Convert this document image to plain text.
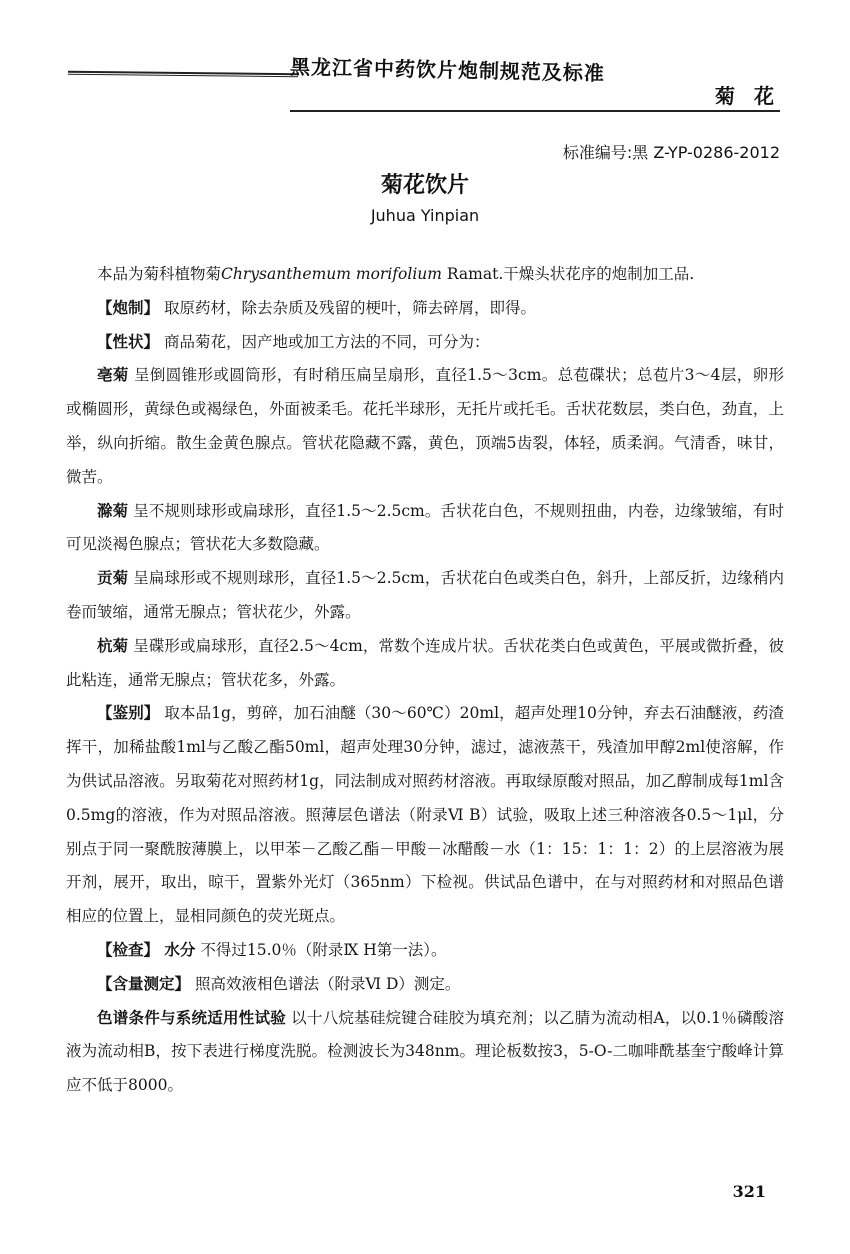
黑龙江省中药饮片炮制规范及标准
菊 花
标准编号:黑 Z-YP-0286-2012
菊花饮片
Juhua Yinpian

本品为菊科植物菊Chrysanthemum morifolium Ramat.干燥头状花序的炮制加工品.

【炮制】 取原药材，除去杂质及残留的梗叶，筛去碎屑，即得。

【性状】 商品菊花，因产地或加工方法的不同，可分为：

亳菊 呈倒圆锥形或圆筒形，有时稍压扁呈扇形，直径1.5～3cm。总苞碟状；总苞片3～4层，卵形或椭圆形，黄绿色或褐绿色，外面被柔毛。花托半球形，无托片或托毛。舌状花数层，类白色，劲直，上举，纵向折缩。散生金黄色腺点。管状花隐藏不露，黄色，顶端5齿裂，体轻，质柔润。气清香，味甘，微苦。

滁菊 呈不规则球形或扁球形，直径1.5～2.5cm。舌状花白色，不规则扭曲，内卷，边缘皱缩，有时可见淡褐色腺点；管状花大多数隐藏。

贡菊 呈扁球形或不规则球形，直径1.5～2.5cm，舌状花白色或类白色，斜升，上部反折，边缘稍内卷而皱缩，通常无腺点；管状花少，外露。

杭菊 呈碟形或扁球形，直径2.5～4cm，常数个连成片状。舌状花类白色或黄色，平展或微折叠，彼此粘连，通常无腺点；管状花多，外露。

【鉴别】 取本品1g，剪碎，加石油醚（30～60℃）20ml，超声处理10分钟，弃去石油醚液，药渣挥干，加稀盐酸1ml与乙酸乙酯50ml，超声处理30分钟，滤过，滤液蒸干，残渣加甲醇2ml使溶解，作为供试品溶液。另取菊花对照药材1g，同法制成对照药材溶液。再取绿原酸对照品，加乙醇制成每1ml含0.5mg的溶液，作为对照品溶液。照薄层色谱法（附录Ⅵ B）试验，吸取上述三种溶液各0.5～1μl，分别点于同一聚酰胺薄膜上，以甲苯－乙酸乙酯－甲酸－冰醋酸－水（1：15：1：1：2）的上层溶液为展开剂，展开，取出，晾干，置紫外光灯（365nm）下检视。供试品色谱中，在与对照药材和对照品色谱相应的位置上，显相同颜色的荧光斑点。

【检查】 水分 不得过15.0％（附录Ⅸ H第一法）。

【含量测定】 照高效液相色谱法（附录Ⅵ D）测定。

色谱条件与系统适用性试验 以十八烷基硅烷键合硅胶为填充剂；以乙腈为流动相A，以0.1％磷酸溶液为流动相B，按下表进行梯度洗脱。检测波长为348nm。理论板数按3，5-O-二咖啡酰基奎宁酸峰计算应不低于8000。

321
